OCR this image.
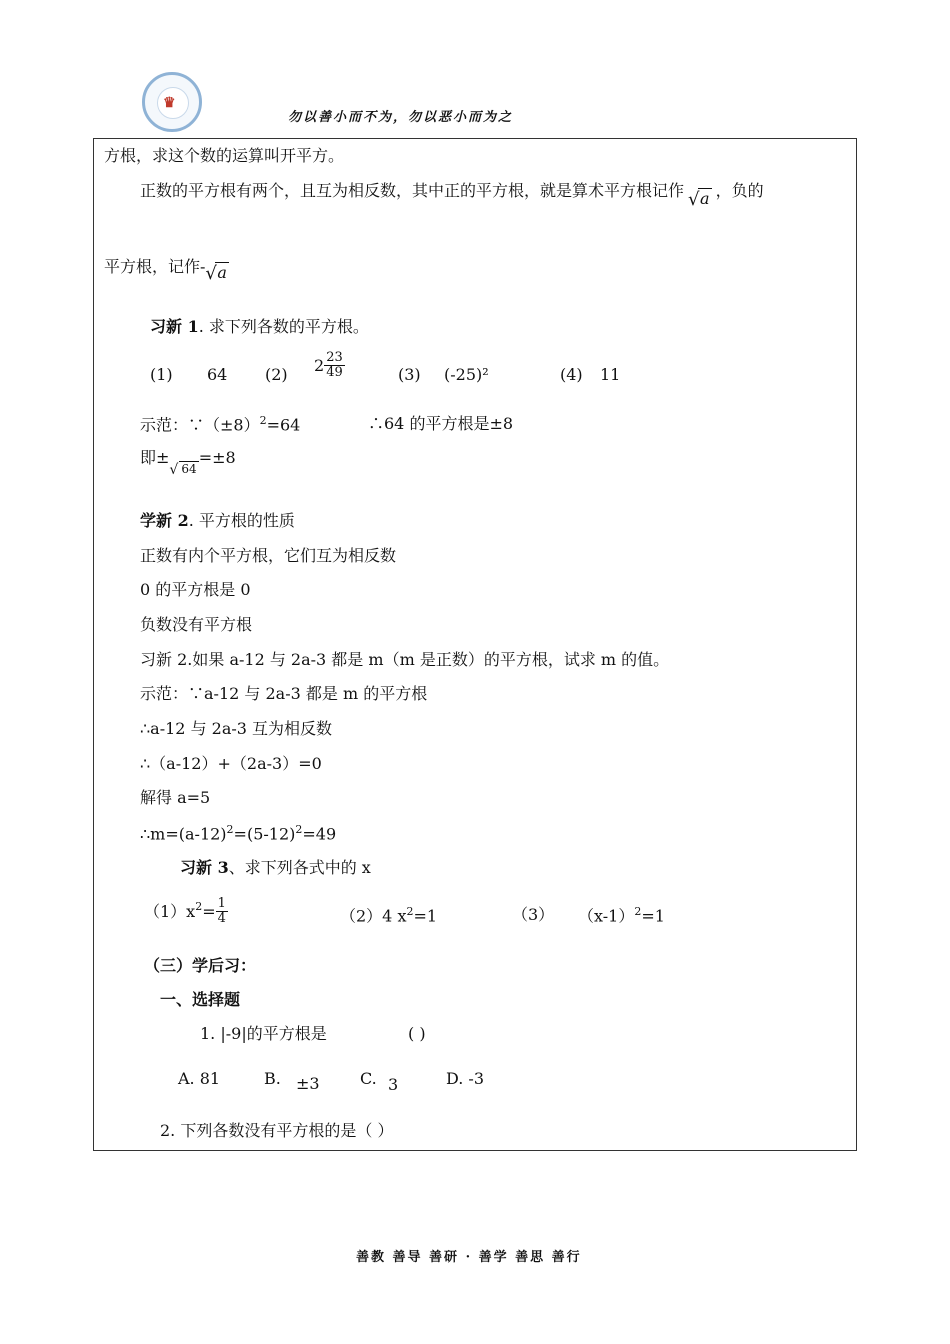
♛
勿以善小而不为，勿以恶小而为之
方根，求这个数的运算叫开平方。
正数的平方根有两个，且互为相反数，其中正的平方根，就是算术平方根记作 √ a ，负的
平方根，记作- √ a
习新 1. 求下列各数的平方根。
(1) 64 (2) $2 \frac{23}{49}$	(3) (-25)²	(4) 11
示范：$\because(\pm 8)^2=64$	∴64 的平方根是±8
即±
√ 64=±8
学新 2. 平方根的性质
正数有内个平方根，它们互为相反数
0 的平方根是 0
负数没有平方根
习新 2.如果 a-12 与 2a-3 都是 m（m 是正数）的平方根，试求 m 的值。
示范：∵a-12 与 2a-3 都是 m 的平方根
∴a-12 与 2a-3 互为相反数
∴（a-12）+（2a-3）=0
解得 a=5
$\therefore m=(a-12)^2=(5-12)^2=49$
习新 3、求下列各式中的 x
$(1)x^2= \frac{1}{4}$	（2）4 $x^2=1$	（3） $(x-1)^2=1$
（三）学后习：
一、选择题
1. |-9|的平方根是	( )
A. 81	B. ±3	C. 3	D. -3
2. 下列各数没有平方根的是（ ）
善教 善导 善研 · 善学 善思 善行
